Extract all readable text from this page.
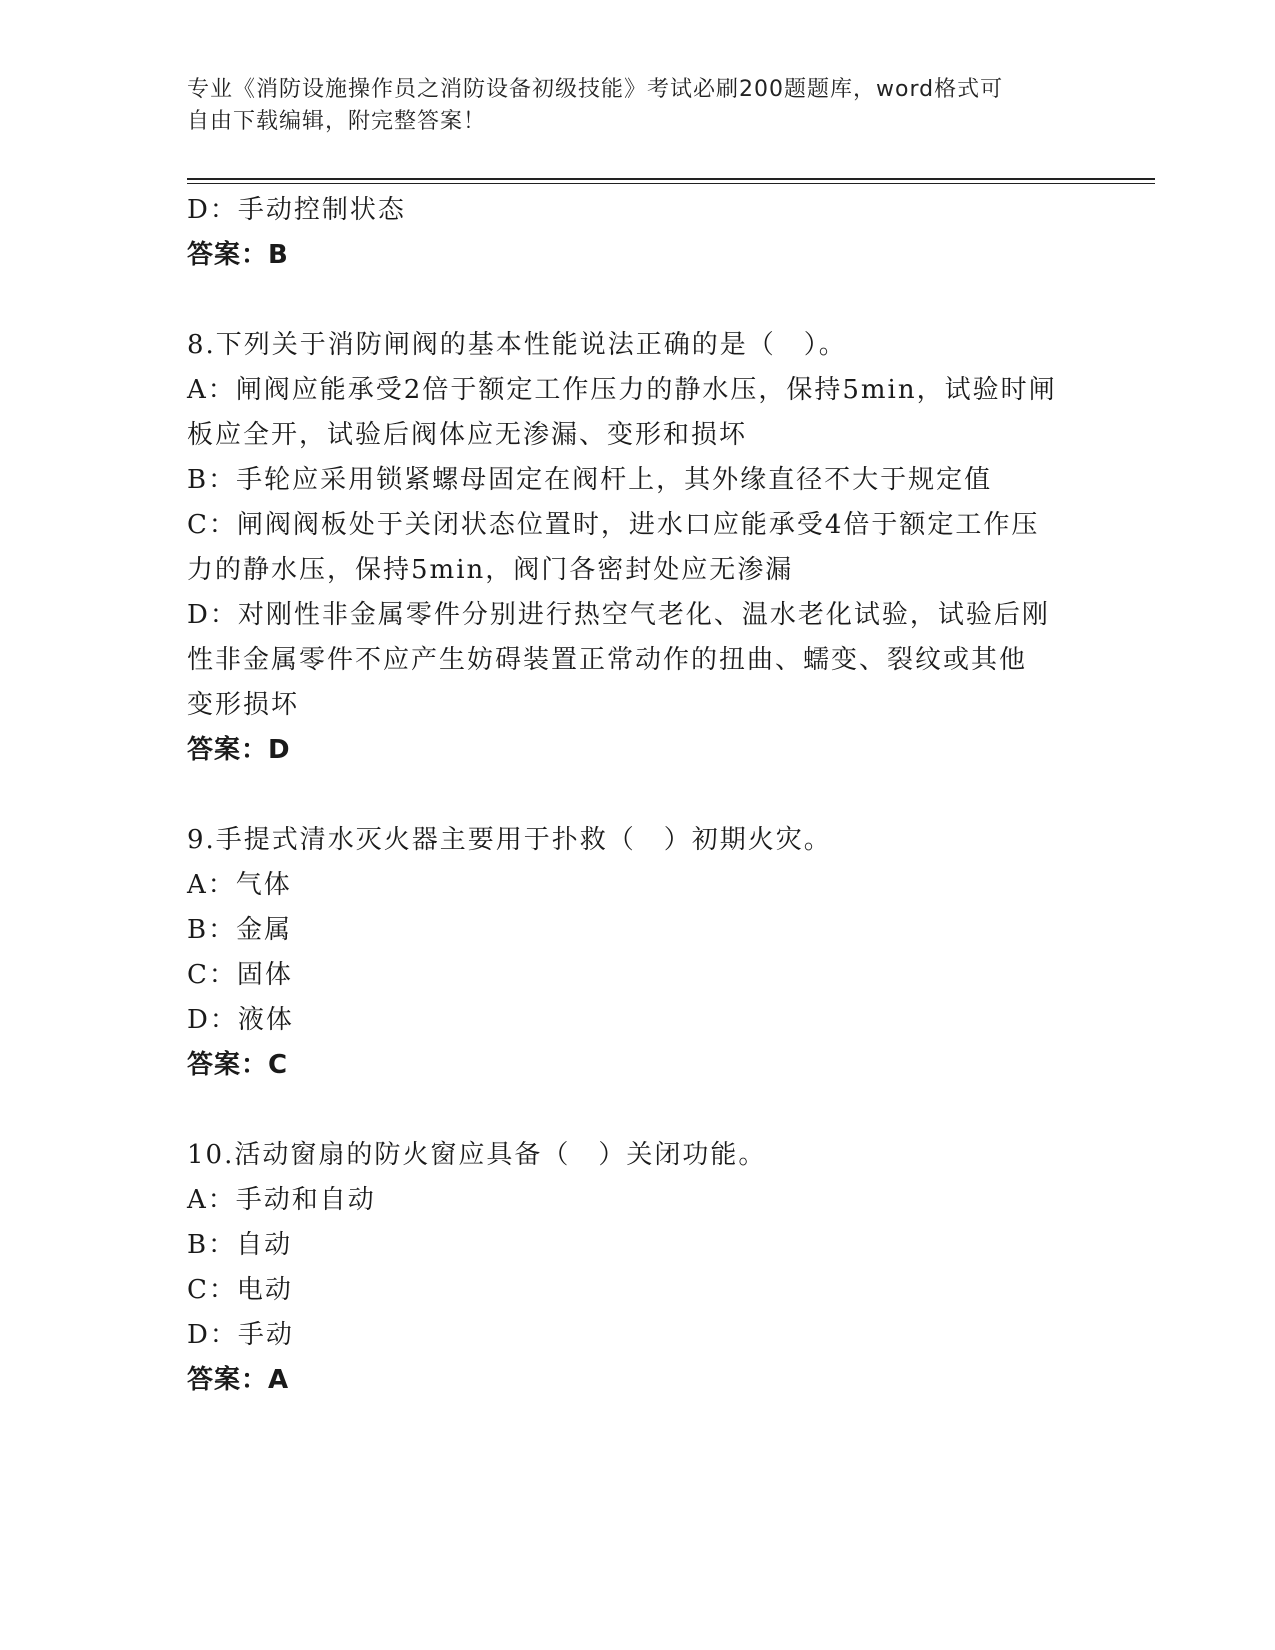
专业《消防设施操作员之消防设备初级技能》考试必刷200题题库，word格式可
自由下载编辑，附完整答案！

D：手动控制状态

答案：B

8.下列关于消防闸阀的基本性能说法正确的是（　）。

A：闸阀应能承受2倍于额定工作压力的静水压，保持5min，试验时闸

板应全开，试验后阀体应无渗漏、变形和损坏

B：手轮应采用锁紧螺母固定在阀杆上，其外缘直径不大于规定值

C：闸阀阀板处于关闭状态位置时，进水口应能承受4倍于额定工作压

力的静水压，保持5min，阀门各密封处应无渗漏

D：对刚性非金属零件分别进行热空气老化、温水老化试验，试验后刚

性非金属零件不应产生妨碍装置正常动作的扭曲、蠕变、裂纹或其他

变形损坏

答案：D

9.手提式清水灭火器主要用于扑救（　）初期火灾。

A：气体

B：金属

C：固体

D：液体

答案：C

10.活动窗扇的防火窗应具备（　）关闭功能。

A：手动和自动

B：自动

C：电动

D：手动

答案：A
